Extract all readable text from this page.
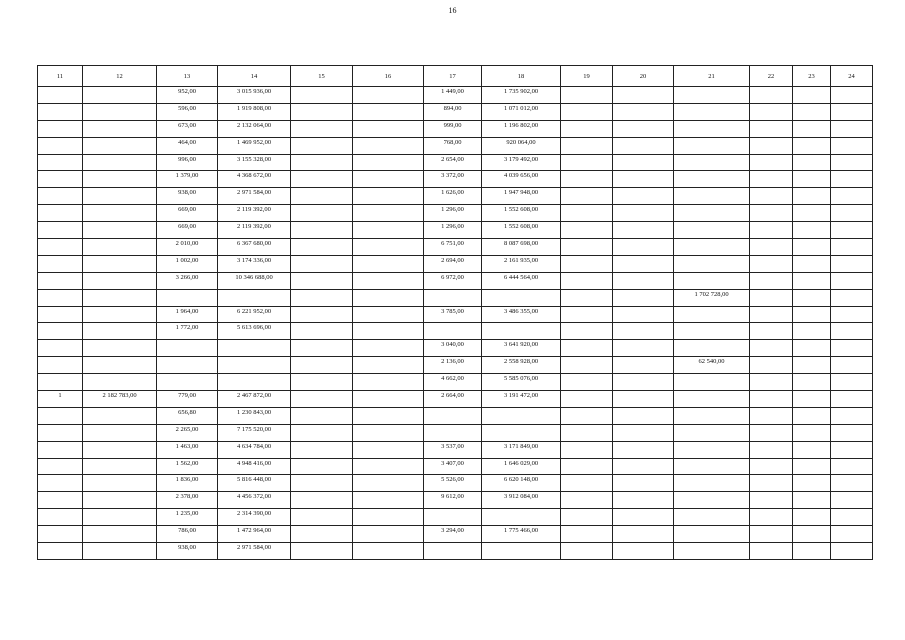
16
11	12	13	14	15	16	17	18	19	20	21	22	23	24
		952,00	3 015 936,00			1 449,00	1 735 902,00						
		596,00	1 919 808,00			894,00	1 071 012,00						
		673,00	2 132 064,00			999,00	1 196 802,00						
		464,00	1 469 952,00			768,00	920 064,00						
		996,00	3 155 328,00			2 654,00	3 179 492,00						
		1 379,00	4 368 672,00			3 372,00	4 039 656,00						
		938,00	2 971 584,00			1 626,00	1 947 948,00						
		669,00	2 119 392,00			1 296,00	1 552 608,00						
		669,00	2 119 392,00			1 296,00	1 552 608,00						
		2 010,00	6 367 680,00			6 751,00	8 087 698,00						
		1 002,00	3 174 336,00			2 694,00	2 161 935,00						
		3 266,00	10 346 688,00			6 972,00	6 444 564,00						
										1 702 728,00			
		1 964,00	6 221 952,00			3 785,00	3 486 355,00						
		1 772,00	5 613 696,00										
						3 040,00	3 641 920,00						
						2 136,00	2 558 928,00			62 540,00			
						4 662,00	5 585 076,00						
1	2 182 783,00	779,00	2 467 872,00			2 664,00	3 191 472,00						
		656,80	1 230 843,00										
		2 265,00	7 175 520,00										
		1 463,00	4 634 784,00			3 537,00	3 171 849,00						
		1 562,00	4 948 416,00			3 407,00	1 646 029,00						
		1 836,00	5 816 448,00			5 526,00	6 620 148,00						
		2 378,00	4 456 372,00			9 612,00	3 912 084,00						
		1 235,00	2 314 390,00										
		786,00	1 472 964,00			3 294,00	1 775 466,00						
		938,00	2 971 584,00										
